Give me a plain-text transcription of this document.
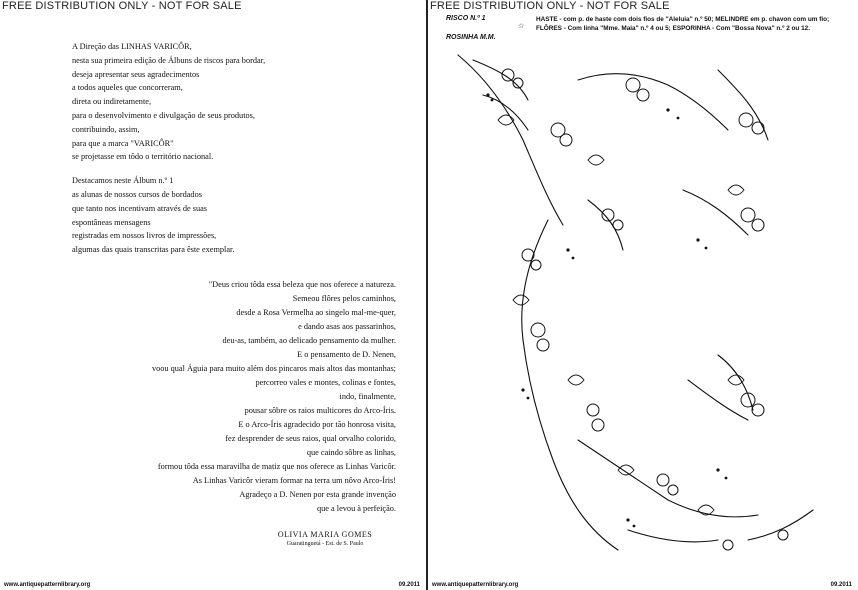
FREE DISTRIBUTION ONLY - NOT FOR SALE

A Direção das LINHAS VARICÔR,

nesta sua primeira edição de Álbuns de riscos para bordar,

deseja apresentar seus agradecimentos

a todos aqueles que concorreram,

direta ou indiretamente,

para o desenvolvimento e divulgação de seus produtos,

contribuindo, assim,

para que a marca "VARICÔR"

se projetasse em tôdo o território nacional.

Destacamos neste Álbum n.º 1

as alunas de nossos cursos de bordados

que tanto nos incentivam através de suas

espontâneas mensagens

registradas em nossos livros de impressões,

algumas das quais transcritas para êste exemplar.

"Deus criou tôda essa beleza que nos oferece a natureza.

Semeou flôres pelos caminhos,

desde a Rosa Vermelha ao singelo mal-me-quer,

e dando asas aos passarinhos,

deu-as, também, ao delicado pensamento da mulher.

E o pensamento de D. Nenen,

voou qual Águia para muito além dos pincaros mais altos das montanhas;

percorreo vales e montes, colinas e fontes,

indo, finalmente,

pousar sôbre os raios multicores do Arco-Íris.

E o Arco-Íris agradecido por tão honrosa visita,

fez desprender de seus raios, qual orvalho colorido,

que caindo sôbre as linhas,

formou tôda essa maravilha de matiz que nos oferece as Linhas Varicôr.

As Linhas Varicôr vieram formar na terra um nôvo Arco-Íris!

Agradeço a D. Nenen por esta grande invenção

que a levou à perfeição.

OLIVIA MARIA GOMES
Guaratinguetá - Est. de S. Paulo
www.antiquepatternlibrary.org	09.2011
FREE DISTRIBUTION ONLY - NOT FOR SALE
RISCO N.º 1
ROSINHA M.M.
☆
HASTE - com p. de haste com dois fios de "Aleluia" n.º 50; MELINDRE em p. chavon com um fio; FLÔRES - Com linha "Mme. Maia" n.º 4 ou 5; ESPORINHA - Com "Bossa Nova" n.º 2 ou 12.
www.antiquepatternlibrary.org	09.2011
